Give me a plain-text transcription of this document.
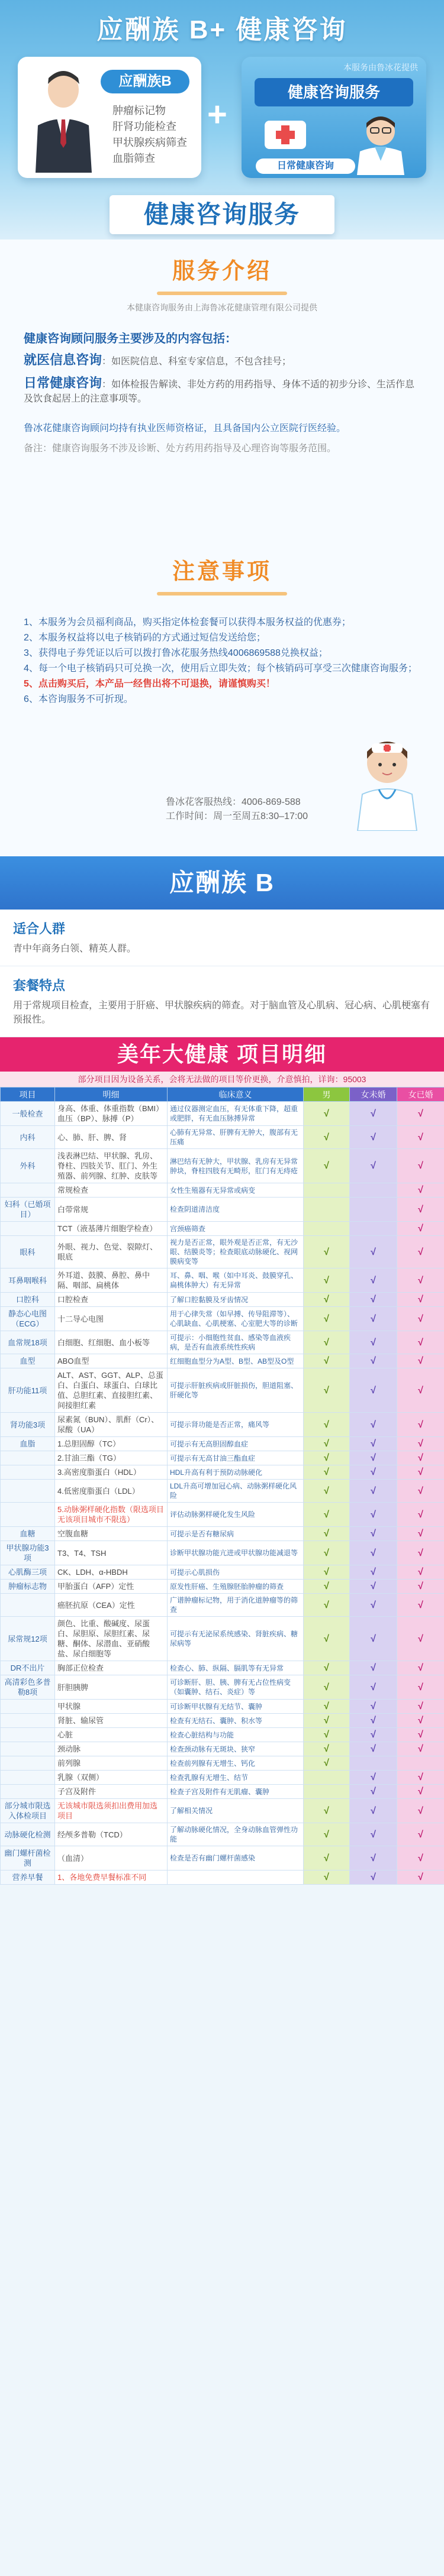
应酬族 B+ 健康咨询
应酬族B
肿瘤标记物
肝肾功能检查
甲状腺疾病筛查
血脂筛查
+
本服务由鲁冰花提供
健康咨询服务
日常健康咨询
健康咨询服务
服务介绍
本健康咨询服务由上海鲁冰花健康管理有限公司提供
健康咨询顾问服务主要涉及的内容包括：
就医信息咨询：如医院信息、科室专家信息，不包含挂号；
日常健康咨询：如体检报告解读、非处方药的用药指导、身体不适的初步分诊、生活作息及饮食起居上的注意事项等。
鲁冰花健康咨询顾问均持有执业医师资格证，且具备国内公立医院行医经验。
备注：健康咨询服务不涉及诊断、处方药用药指导及心理咨询等服务范围。
注意事项
1、本服务为会员福利商品，购买指定体检套餐可以获得本服务权益的优惠券；
2、本服务权益将以电子核销码的方式通过短信发送给您；
3、获得电子券凭证以后可以拨打鲁冰花服务热线4006869588兑换权益；
4、每一个电子核销码只可兑换一次，使用后立即失效；每个核销码可享受三次健康咨询服务；
5、点击购买后，本产品一经售出将不可退换，请谨慎购买！
6、本咨询服务不可折现。
鲁冰花客服热线：4006-869-588
工作时间：周一至周五8:30–17:00
应酬族 B
适合人群
青中年商务白领、精英人群。
套餐特点
用于常规项目检查，主要用于肝癌、甲状腺疾病的筛查。对于脑血管及心肌病、冠心病、心肌梗塞有预报性。
美年大健康 项目明细
部分项目因为设备关系，会将无法做的项目等价更换，介意慎拍，详询：95003
项目	明细	临床意义	男	女未婚	女已婚
一般检查	身高、体重、体重指数（BMI）血压（BP）、脉搏（P）	通过仪器测定血压，有无体重下降，超重或肥胖，有无血压脉搏异常	√	√	√
内科	心、肺、肝、脾、肾	心肺有无异常、肝脾有无肿大，腹部有无压痛	√	√	√
外科	浅表淋巴结、甲状腺、乳房、脊柱、四肢关节、肛门、外生殖器、前列腺、红肿、皮肤等	淋巴结有无肿大，甲状腺、乳房有无异常肿块，脊柱四肢有无畸形，肛门有无痔疮	√	√	√
	常规检查	女性生殖器有无异常或病变			√
妇科（已婚项目）	白带常规	检查阴道清洁度			√
	TCT（液基薄片细胞学检查）	宫颈癌筛查			√
眼科	外眼、视力、色觉、裂隙灯、眼底	视力是否正常，眼外观是否正常，有无沙眼、结膜炎等；检查眼底动脉硬化、视网膜病变等	√	√	√
耳鼻咽喉科	外耳道、鼓膜、鼻腔、鼻中隔、咽部、扁桃体	耳、鼻、咽、喉（如中耳炎、鼓膜穿孔、扁桃体肿大）有无异常	√	√	√
口腔科	口腔检查	了解口腔黏膜及牙齿情况	√	√	√
静态心电图（ECG）	十二导心电图	用于心律失常（如早搏、传导阻滞等）、心肌缺血、心肌梗塞、心室肥大等的诊断	√	√	√
血常规18项	白细胞、红细胞、血小板等	可提示：小细胞性贫血、感染等血液疾病，是否有血液系统性疾病	√	√	√
血型	ABO血型	红细胞血型分为A型、B型、AB型及O型	√	√	√
肝功能11项	ALT、AST、GGT、ALP、总蛋白、白蛋白、球蛋白、白球比值、总胆红素、直接胆红素、间接胆红素	可提示肝脏疾病或肝脏损伤，胆道阻塞、肝硬化等	√	√	√
肾功能3项	尿素氮（BUN）、肌酐（Cr）、尿酸（UA）	可提示肾功能是否正常，痛风等	√	√	√
血脂	1.总胆固醇（TC）	可提示有无高胆固醇血症	√	√	√
	2.甘油三酯（TG）	可提示有无高甘油三酯血症	√	√	√
	3.高密度脂蛋白（HDL）	HDL升高有利于预防动脉硬化	√	√	√
	4.低密度脂蛋白（LDL）	LDL升高可增加冠心病、动脉粥样硬化风险	√	√	√
	5.动脉粥样硬化指数（限选项目 无该项目城市不限选）	评估动脉粥样硬化发生风险	√	√	√
血糖	空腹血糖	可提示是否有糖尿病	√	√	√
甲状腺功能3项	T3、T4、TSH	诊断甲状腺功能亢进或甲状腺功能减退等	√	√	√
心肌酶三项	CK、LDH、α-HBDH	可提示心肌损伤	√	√	√
肿瘤标志物	甲胎蛋白（AFP）定性	原发性肝癌、生殖腺胚胎肿瘤的筛查	√	√	√
	癌胚抗原（CEA）定性	广谱肿瘤标记物，用于消化道肿瘤等的筛查	√	√	√
尿常规12项	颜色、比重、酸碱度、尿蛋白、尿胆原、尿胆红素、尿糖、酮体、尿潜血、亚硝酸盐、尿白细胞等	可提示有无泌尿系统感染、肾脏疾病、糖尿病等	√	√	√
DR不出片	胸部正位检查	检查心、肺、纵隔、膈肌等有无异常	√	√	√
高清彩色多普勒8项	肝胆胰脾	可诊断肝、胆、胰、脾有无占位性病变（如囊肿、结石、炎症）等	√	√	√
	甲状腺	可诊断甲状腺有无结节、囊肿	√	√	√
	肾脏、输尿管	检查有无结石、囊肿、积水等	√	√	√
	心脏	检查心脏结构与功能	√	√	√
	颈动脉	检查颈动脉有无斑块、狭窄	√	√	√
	前列腺	检查前列腺有无增生、钙化	√		
	乳腺（双侧）	检查乳腺有无增生、结节		√	√
	子宫及附件	检查子宫及附件有无肌瘤、囊肿		√	√
部分城市限选入体检项目	无该城市限选须扣出费用加选项目	了解相关情况	√	√	√
动脉硬化检测	经颅多普勒（TCD）	了解动脉硬化情况，全身动脉血管弹性功能	√	√	√
幽门螺杆菌检测	（血清）	检查是否有幽门螺杆菌感染	√	√	√
营养早餐	1、各地免费早餐标准不同		√	√	√
